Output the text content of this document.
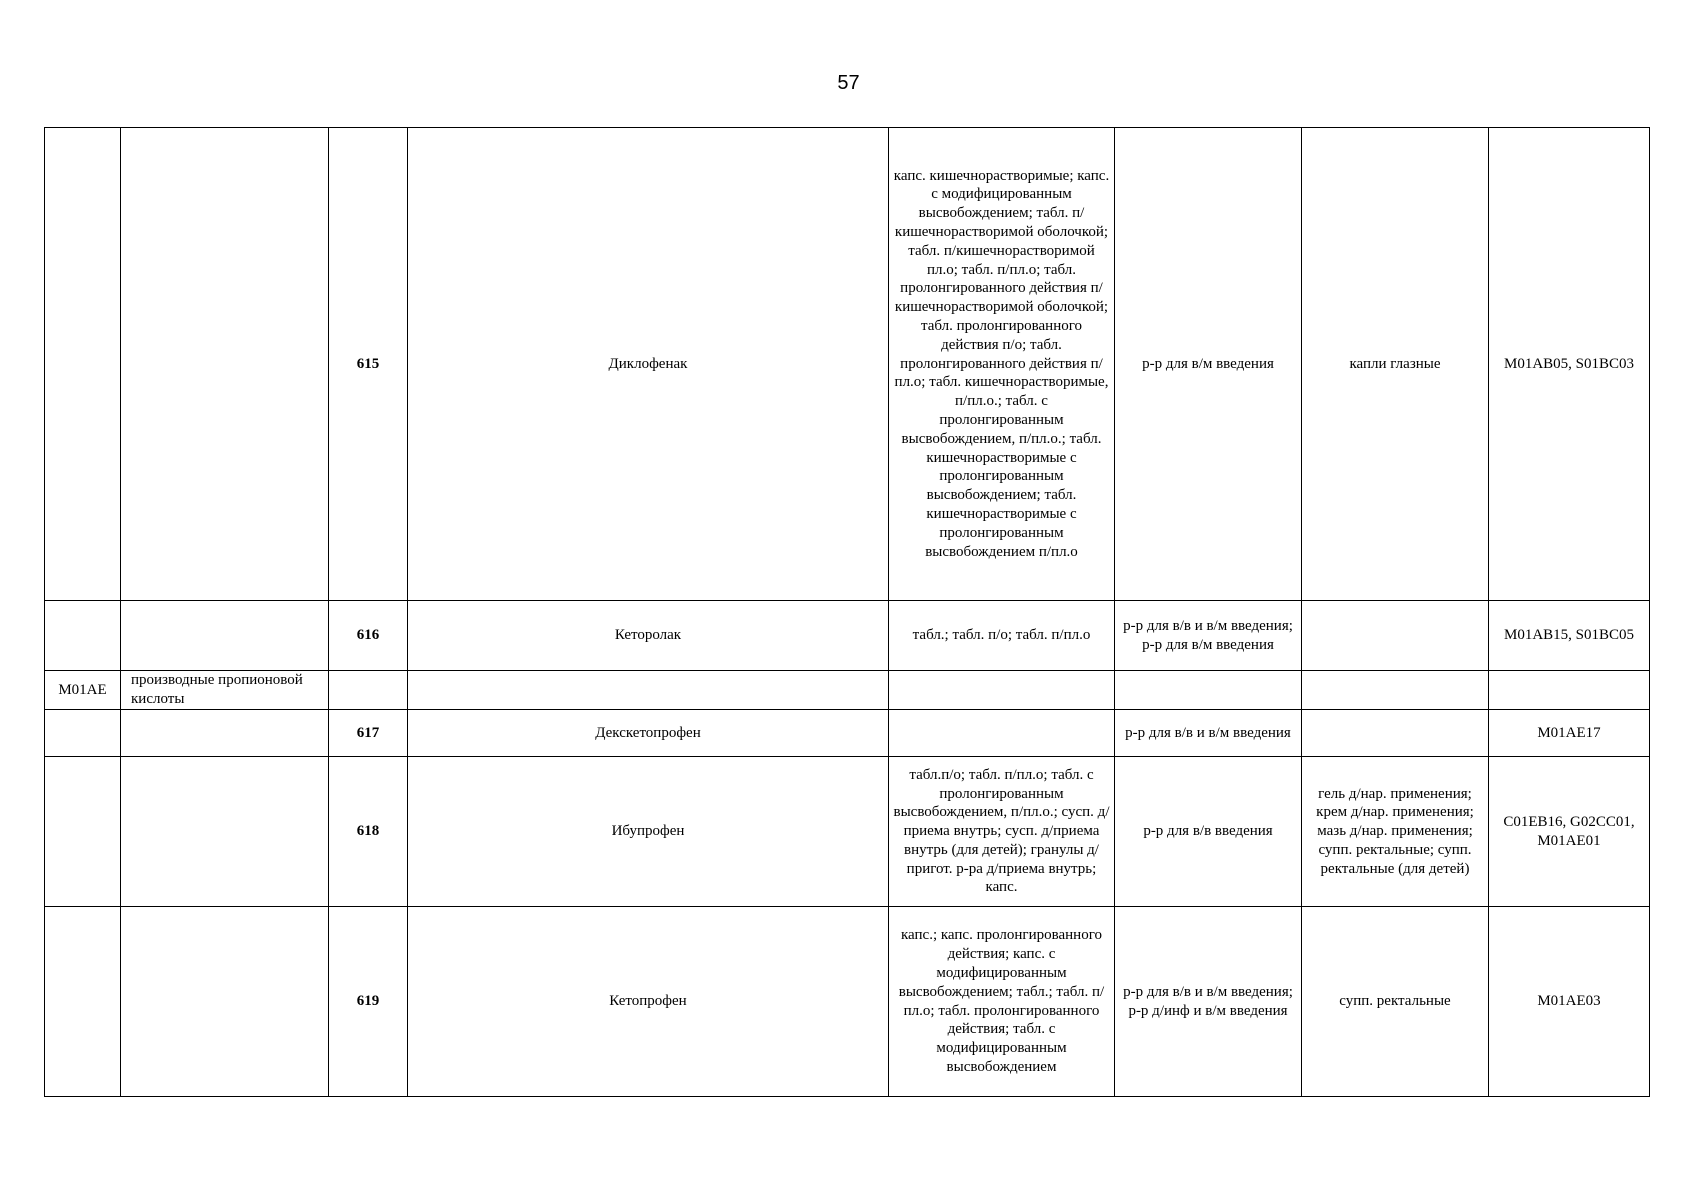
57
		615	Диклофенак	капс. кишечнорастворимые; капс. с модифицированным высвобождением; табл. п/кишечнорастворимой оболочкой; табл. п/кишечнорастворимой пл.о; табл. п/пл.о; табл. пролонгированного действия п/кишечнорастворимой оболочкой; табл. пролонгированного действия п/о; табл. пролонгированного действия п/пл.о; табл. кишечнорастворимые, п/пл.о.; табл. с пролонгированным высвобождением, п/пл.о.; табл. кишечнорастворимые с пролонгированным высвобождением; табл. кишечнорастворимые с пролонгированным высвобождением п/пл.о	р-р для в/м введения	капли глазные	M01AB05, S01BC03
		616	Кеторолак	табл.; табл. п/о; табл. п/пл.о	р-р для в/в и в/м введения; р-р для в/м введения		M01AB15, S01BC05
M01AE	производные пропионовой кислоты						
		617	Декскетопрофен		р-р для в/в и в/м введения		M01AE17
		618	Ибупрофен	табл.п/о; табл. п/пл.о; табл. с пролонгированным высвобождением, п/пл.о.; сусп. д/приема внутрь; сусп. д/приема внутрь (для детей); гранулы д/пригот. р-ра д/приема внутрь; капс.	р-р для в/в введения	гель д/нар. применения; крем д/нар. применения; мазь д/нар. применения; супп. ректальные; супп. ректальные (для детей)	C01EB16, G02CC01, M01AE01
		619	Кетопрофен	капс.; капс. пролонгированного действия; капс. с модифицированным высвобождением; табл.; табл. п/пл.о; табл. пролонгированного действия; табл. с модифицированным высвобождением	р-р для в/в и в/м введения; р-р д/инф и в/м введения	супп. ректальные	M01AE03
